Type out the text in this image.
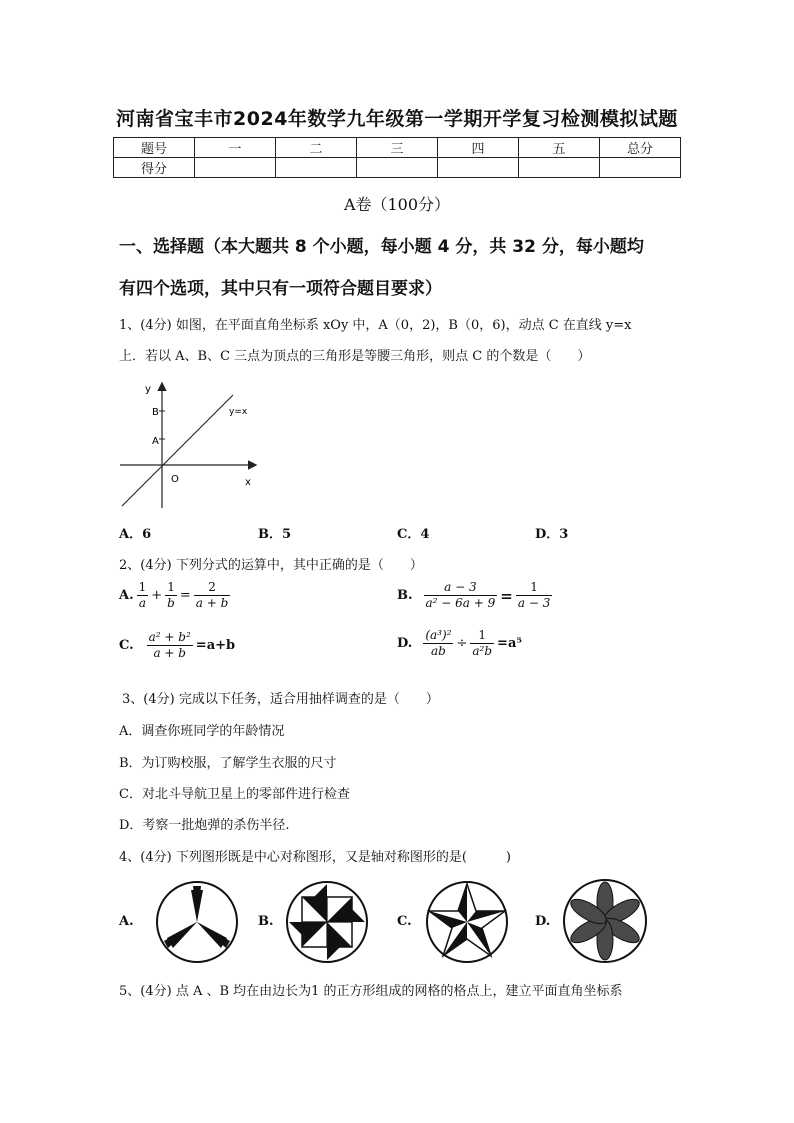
河南省宝丰市2024年数学九年级第一学期开学复习检测模拟试题
题号	一	二	三	四	五	总分
得分						
A卷（100分）
一、选择题（本大题共 8 个小题，每小题 4 分，共 32 分，每小题均
有四个选项，其中只有一项符合题目要求）
1、(4分) 如图，在平面直角坐标系 xOy 中，A（0，2)，B（0，6)，动点 C 在直线 y=x
上．若以 A、B、C 三点为顶点的三角形是等腰三角形，则点 C 的个数是（　　）
y
x
B
A
O
y=x
A．6	B．5	C．4	D．3
2、(4分) 下列分式的运算中，其中正确的是（　　）
A. $\frac{1}{a} + \frac{1}{b} = \frac{2}{a + b}$	B. $\frac{a - 3}{\text{a² − 6a + 9}} = \frac{1}{a - 3}$
C. $\frac{\text{a² + b²}}{a + b} =a+b$	D. $\frac{\text{(a³)²}}{ab} \div \frac{1}{\text{a²b}} =a^5$
3、(4分) 完成以下任务，适合用抽样调查的是（　　）
A．调查你班同学的年龄情况
B．为订购校服，了解学生衣服的尺寸
C．对北斗导航卫星上的零部件进行检查
D．考察一批炮弹的杀伤半径.
4、(4分) 下列图形既是中心对称图形，又是轴对称图形的是(　　　)
A.	B.	C.	D.
5、(4分) 点 A 、B 均在由边长为1 的正方形组成的网格的格点上，建立平面直角坐标系
